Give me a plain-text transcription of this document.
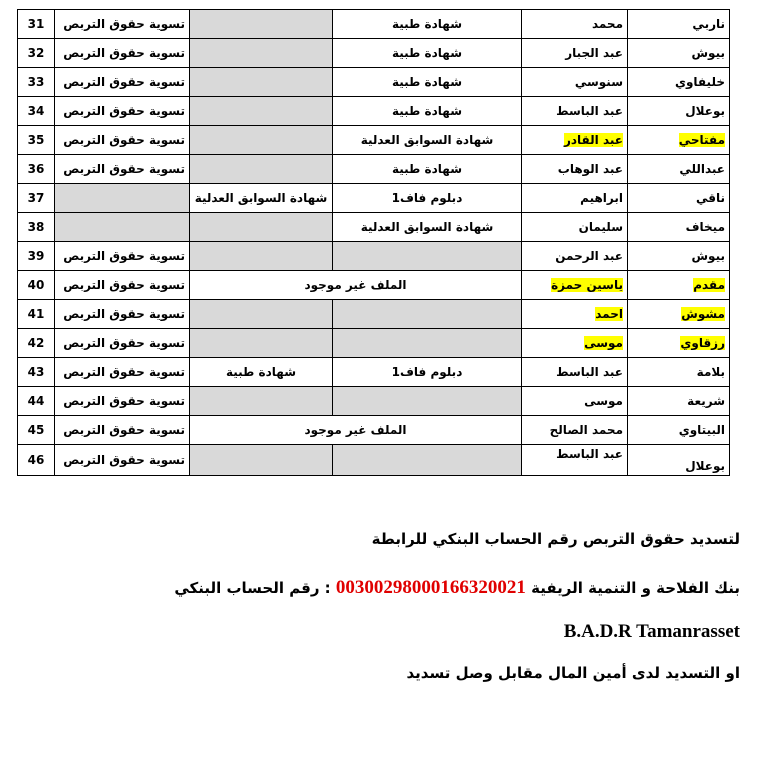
31	تسوية حقوق التربص		شهادة طبية	محمد	ناربي
32	تسوية حقوق التربص		شهادة طبية	عبد الجبار	بيوش
33	تسوية حقوق التربص		شهادة طبية	سنوسي	خليفاوي
34	تسوية حقوق التربص		شهادة طبية	عبد الباسط	بوعلال
35	تسوية حقوق التربص		شهادة السوابق العدلية	عبد القادر	مفتاحي
36	تسوية حقوق التربص		شهادة طبية	عبد الوهاب	عبداللي
37		شهادة السوابق العدلية	دبلوم فاف1	ابراهيم	ناقي
38			شهادة السوابق العدلية	سليمان	ميخاف
39	تسوية حقوق التربص			عبد الرحمن	بيوش
40	تسوية حقوق التربص	الملف غير موجود		ياسين حمزة	مقدم
41	تسوية حقوق التربص			احمد	مشوش
42	تسوية حقوق التربص			موسى	رزقاوي
43	تسوية حقوق التربص	شهادة طبية	دبلوم فاف1	عبد الباسط	بلامة
44	تسوية حقوق التربص			موسى	شريعة
45	تسوية حقوق التربص	الملف غير موجود		محمد الصالح	البيتاوي
46	تسوية حقوق التربص			عبد الباسط	بوعلال
لتسديد حقوق التربص رقم الحساب البنكي للرابطة
بنك الفلاحة و التنمية الريفية 00300298000166320021 : رقم الحساب البنكي
B.A.D.R Tamanrasset
او التسديد لدى أمين المال مقابل وصل تسديد
